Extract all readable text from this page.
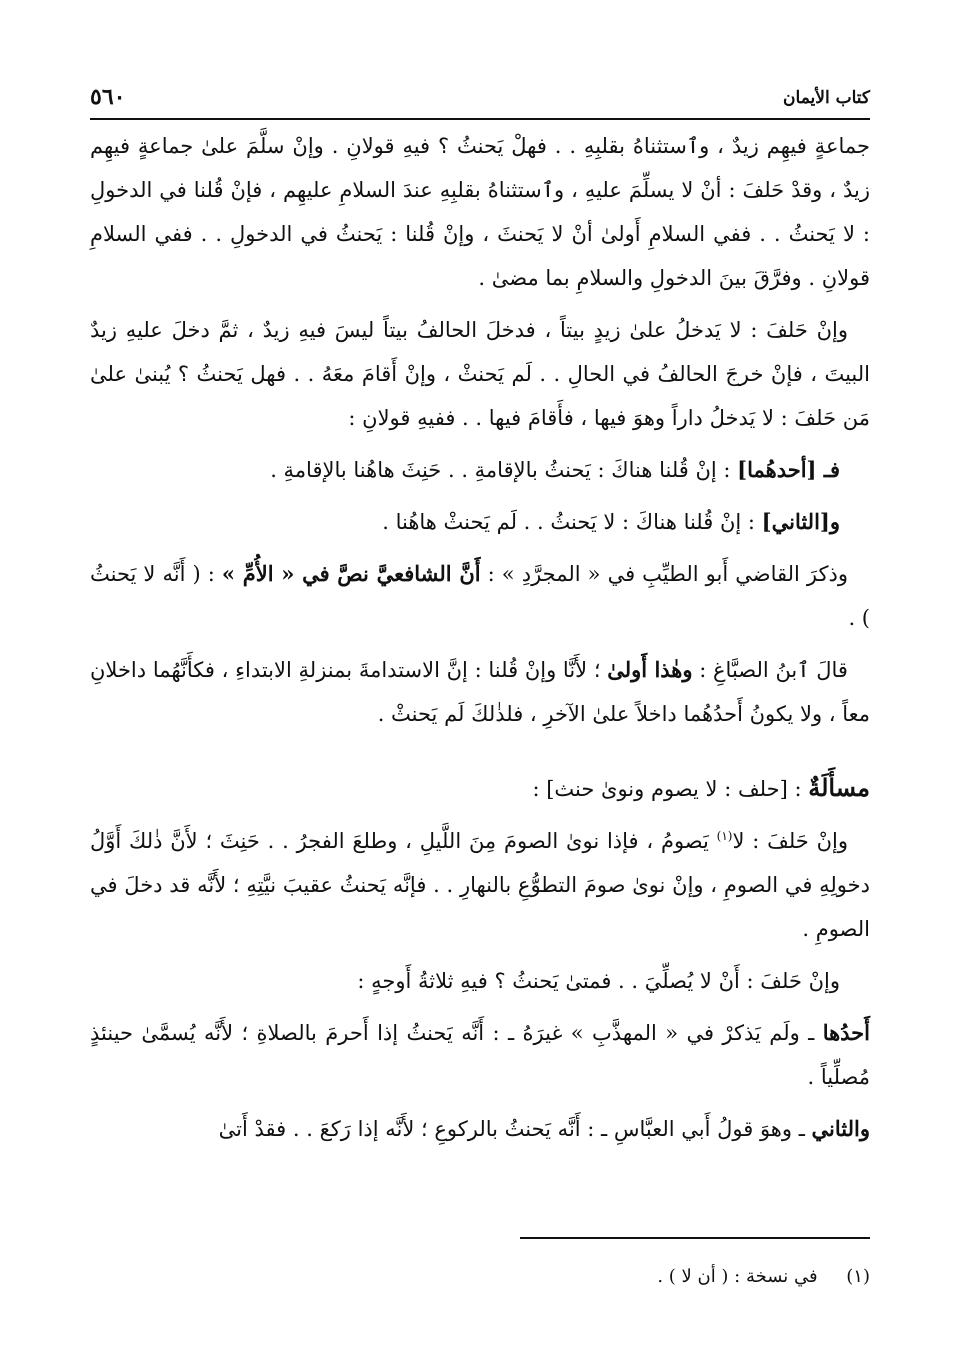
كتاب الأيمان
٥٦٠

جماعةٍ فيهِم زيدٌ ، وٱستثناهُ بقلبِهِ . . فهلْ يَحنثُ ؟ فيهِ قولانِ . وإنْ سلَّمَ علىٰ جماعةٍ فيهِم زيدٌ ، وقدْ حَلفَ : أنْ لا يسلِّمَ عليهِ ، وٱستثناهُ بقلبِهِ عندَ السلامِ عليهِم ، فإنْ قُلنا في الدخولِ : لا يَحنثُ . . ففي السلامِ أَولىٰ أنْ لا يَحنثَ ، وإنْ قُلنا : يَحنثُ في الدخولِ . . ففي السلامِ قولانِ . وفرَّقَ بينَ الدخولِ والسلامِ بما مضىٰ .

وإنْ حَلفَ : لا يَدخلُ علىٰ زيدٍ بيتاً ، فدخلَ الحالفُ بيتاً ليسَ فيهِ زيدٌ ، ثمَّ دخلَ عليهِ زيدٌ البيتَ ، فإنْ خرجَ الحالفُ في الحالِ . . لَم يَحنثْ ، وإنْ أَقامَ معَهُ . . فهل يَحنثُ ؟ يُبنىٰ علىٰ مَن حَلفَ : لا يَدخلُ داراً وهوَ فيها ، فأَقامَ فيها . . ففيهِ قولانِ :

فـ [أحدهُما] : إنْ قُلنا هناكَ : يَحنثُ بالإقامةِ . . حَنِثَ هاهُنا بالإقامةِ .

و[الثاني] : إنْ قُلنا هناكَ : لا يَحنثُ . . لَم يَحنثْ هاهُنا .

وذكرَ القاضي أَبو الطيِّبِ في « المجرَّدِ » : أَنَّ الشافعيَّ نصَّ في « الأُمِّ » : ( أَنَّه لا يَحنثُ ) .

قالَ ٱبنُ الصبَّاغِ : وهٰذا أَولىٰ ؛ لأَنَّا وإنْ قُلنا : إنَّ الاستدامةَ بمنزلةِ الابتداءِ ، فكأَنَّهُما داخلانِ معاً ، ولا يكونُ أَحدُهُما داخلاً علىٰ الآخرِ ، فلذٰلكَ لَم يَحنثْ .

مسأَلَةٌ : [حلف : لا يصوم ونوىٰ حنث] :

وإنْ حَلفَ : لا$^{(١)}$ يَصومُ ، فإذا نوىٰ الصومَ مِنَ اللَّيلِ ، وطلعَ الفجرُ . . حَنِثَ ؛ لأَنَّ ذٰلكَ أَوَّلُ دخولِهِ في الصومِ ، وإنْ نوىٰ صومَ التطوُّعِ بالنهارِ . . فإنَّه يَحنثُ عقيبَ نيَّتِهِ ؛ لأَنَّه قد دخلَ في الصومِ .

وإنْ حَلفَ : أَنْ لا يُصلِّيَ . . فمتىٰ يَحنثُ ؟ فيهِ ثلاثةُ أَوجهٍ :

أَحدُها ـ ولَم يَذكرْ في « المهذَّبِ » غيرَهُ ـ : أَنَّه يَحنثُ إذا أَحرمَ بالصلاةِ ؛ لأَنَّه يُسمَّىٰ حينئذٍ مُصلِّياً .

والثاني ـ وهوَ قولُ أَبي العبَّاسِ ـ : أَنَّه يَحنثُ بالركوعِ ؛ لأَنَّه إذا رَكعَ . . فقدْ أَتىٰ

(١)     في نسخة : ( أن لا ) .
